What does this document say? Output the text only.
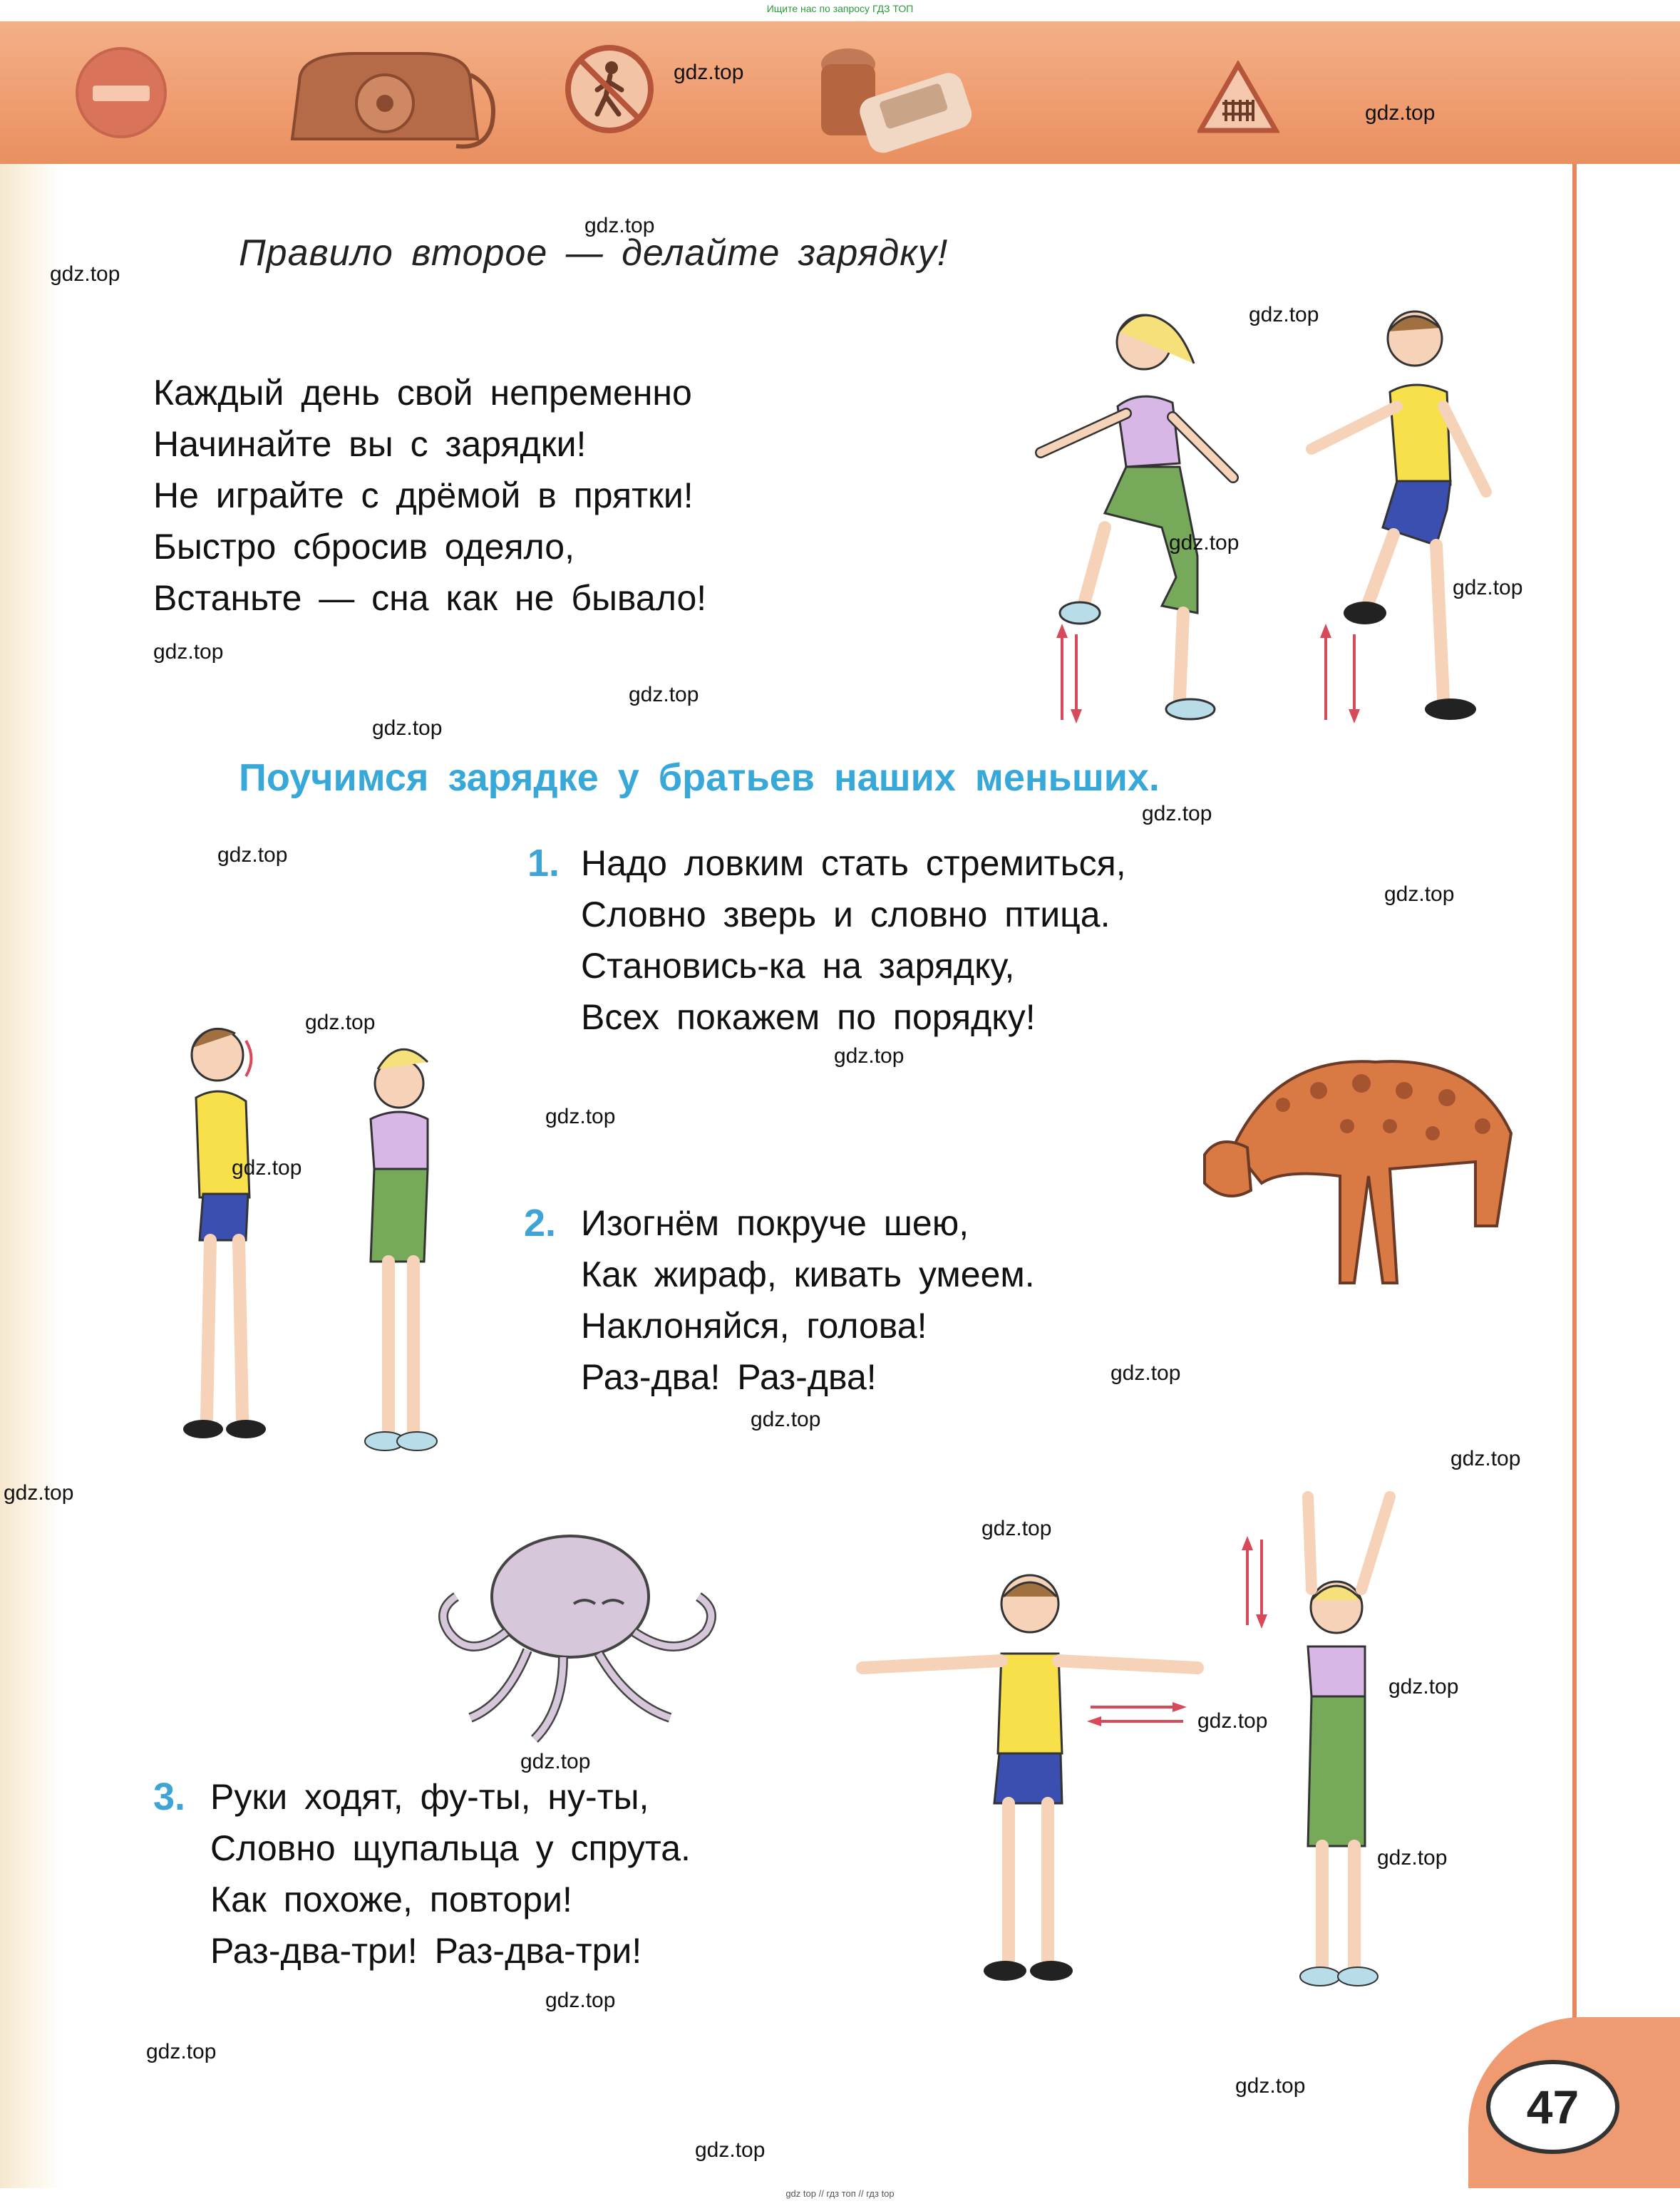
Ищите нас по запросу ГДЗ ТОП
47
Правило второе — делайте зарядку!
Каждый день свой непременно
Начинайте вы с зарядки!
Не играйте с дрёмой в прятки!
Быстро сбросив одеяло,
Встаньте — сна как не бывало!
Поучимся зарядке у братьев наших меньших.
1. Надо ловким стать стремиться,
Словно зверь и словно птица.
Становись-ка на зарядку,
Всех покажем по порядку!
2. Изогнём покруче шею,
Как жираф, кивать умеем.
Наклоняйся, голова!
Раз-два! Раз-два!
3. Руки ходят, фу-ты, ну-ты,
Словно щупальца у спрута.
Как похоже, повтори!
Раз-два-три! Раз-два-три!
gdz.top
gdz.top
gdz.top
gdz.top
gdz.top
gdz.top
gdz.top
gdz.top
gdz.top
gdz.top
gdz.top
gdz.top
gdz.top
gdz.top
gdz.top
gdz.top
gdz.top
gdz.top
gdz.top
gdz.top
gdz.top
gdz.top
gdz.top
gdz.top
gdz.top
gdz.top
gdz.top
gdz.top
gdz.top
gdz.top
gdz top // гдз топ // гдз top
